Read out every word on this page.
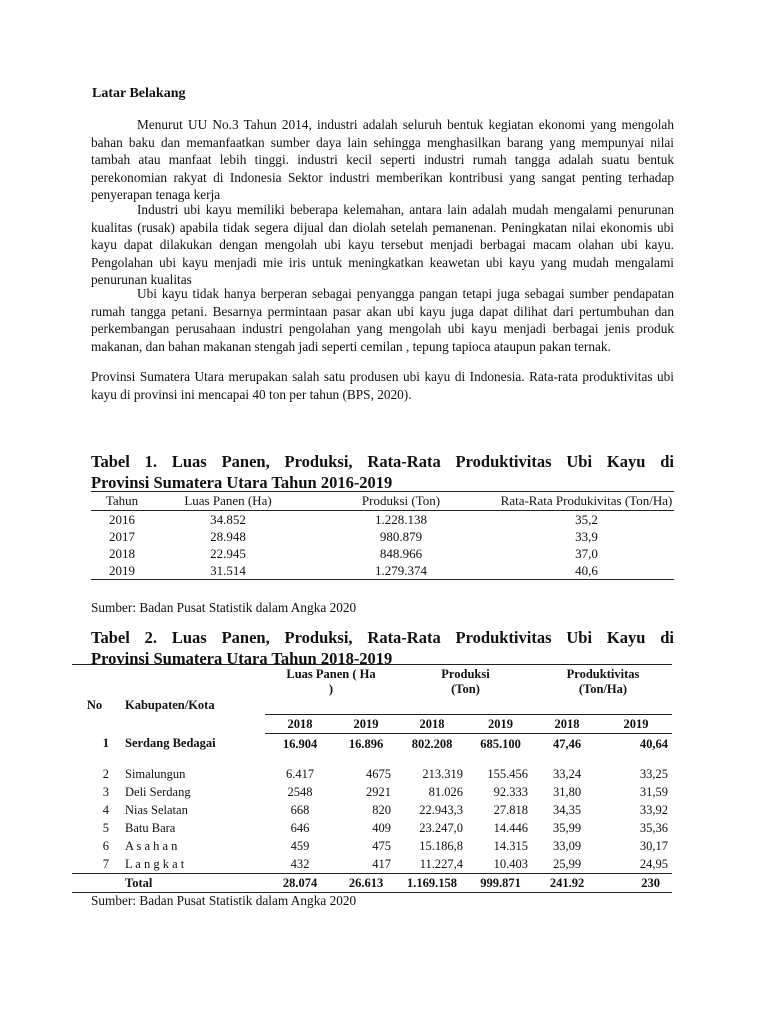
Latar Belakang

Menurut UU No.3 Tahun 2014, industri adalah seluruh bentuk kegiatan ekonomi yang mengolah bahan baku dan memanfaatkan sumber daya lain sehingga menghasilkan barang yang mempunyai nilai tambah atau manfaat lebih tinggi. industri kecil seperti industri rumah tangga adalah suatu bentuk perekonomian rakyat di Indonesia Sektor industri memberikan kontribusi yang sangat penting terhadap penyerapan tenaga kerja

Industri ubi kayu memiliki beberapa kelemahan, antara lain adalah mudah mengalami penurunan kualitas (rusak) apabila tidak segera dijual dan diolah setelah pemanenan. Peningkatan nilai ekonomis ubi kayu dapat dilakukan dengan mengolah ubi kayu tersebut menjadi berbagai macam olahan ubi kayu. Pengolahan ubi kayu menjadi mie iris untuk meningkatkan keawetan ubi kayu yang mudah mengalami penurunan kualitas

Ubi kayu tidak hanya berperan sebagai penyangga pangan tetapi juga sebagai sumber pendapatan rumah tangga petani. Besarnya permintaan pasar akan ubi kayu juga dapat dilihat dari pertumbuhan dan perkembangan perusahaan industri pengolahan yang mengolah ubi kayu menjadi berbagai jenis produk makanan, dan bahan makanan stengah jadi seperti cemilan , tepung tapioca ataupun pakan ternak.

Provinsi Sumatera Utara merupakan salah satu produsen ubi kayu di Indonesia. Rata-rata produktivitas ubi kayu di provinsi ini mencapai 40 ton per tahun (BPS, 2020).

Tabel 1. Luas Panen, Produksi, Rata-Rata Produktivitas Ubi Kayu di
Provinsi Sumatera Utara Tahun 2016-2019
Tahun	Luas Panen (Ha)	Produksi (Ton)	Rata-Rata Produkivitas (Ton/Ha)
2016	34.852	1.228.138	35,2
2017	28.948	980.879	33,9
2018	22.945	848.966	37,0
2019	31.514	1.279.374	40,6
Sumber: Badan Pusat Statistik dalam Angka 2020
Tabel 2. Luas Panen, Produksi, Rata-Rata Produktivitas Ubi Kayu di
Provinsi Sumatera Utara Tahun 2018-2019
No	Kabupaten/Kota	Luas Panen ( Ha )		Produksi (Ton)		Produktivitas (Ton/Ha)	
		2018	2019	2018	2019	2018	2019
1	Serdang Bedagai	16.904	16.896	802.208	685.100	47,46	40,64

2	Simalungun	6.417	4675	213.319	155.456	33,24	33,25
3	Deli Serdang	2548	2921	81.026	92.333	31,80	31,59
4	Nias Selatan	668	820	22.943,3	27.818	34,35	33,92
5	Batu Bara	646	409	23.247,0	14.446	35,99	35,36
6	A s a h a n	459	475	15.186,8	14.315	33,09	30,17
7	L a n g k a t	432	417	11.227,4	10.403	25,99	24,95
	Total	28.074	26.613	1.169.158	999.871	241.92	230
Sumber: Badan Pusat Statistik dalam Angka 2020
